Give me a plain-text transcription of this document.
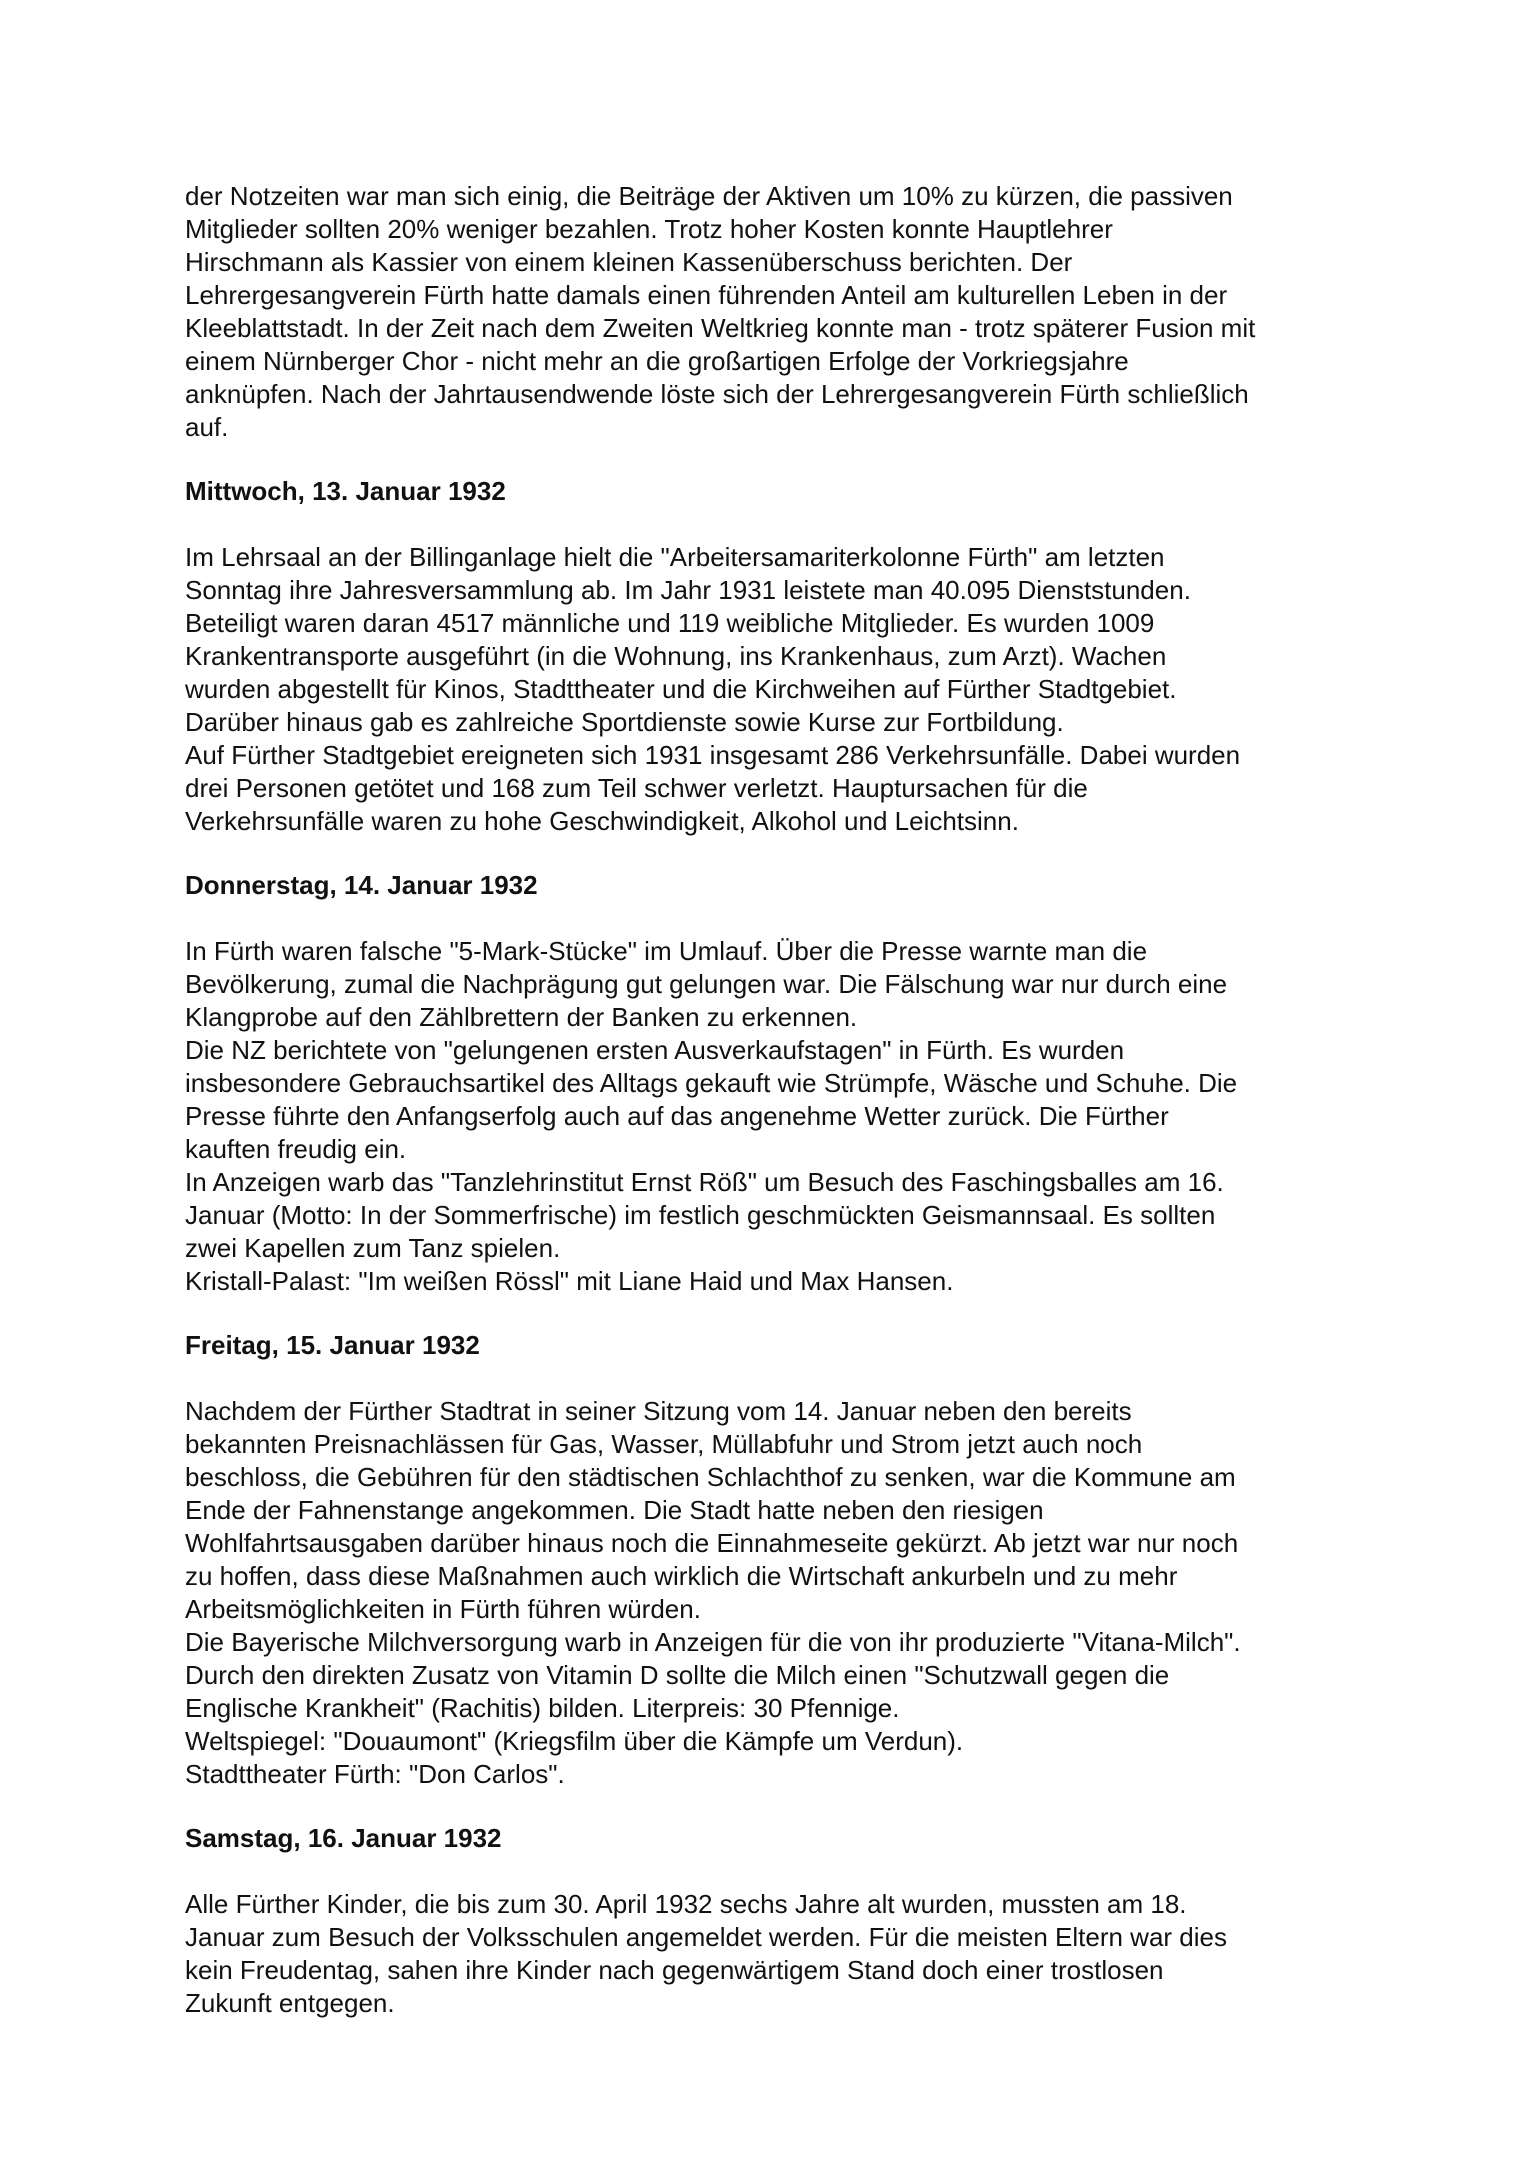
der Notzeiten war man sich einig, die Beiträge der Aktiven um 10% zu kürzen, die passiven
Mitglieder sollten 20% weniger bezahlen. Trotz hoher Kosten konnte Hauptlehrer
Hirschmann als Kassier von einem kleinen Kassenüberschuss berichten. Der
Lehrergesangverein Fürth hatte damals einen führenden Anteil am kulturellen Leben in der
Kleeblattstadt. In der Zeit nach dem Zweiten Weltkrieg konnte man - trotz späterer Fusion mit
einem Nürnberger Chor - nicht mehr an die großartigen Erfolge der Vorkriegsjahre
anknüpfen. Nach der Jahrtausendwende löste sich der Lehrergesangverein Fürth schließlich
auf.

Mittwoch, 13. Januar 1932

Im Lehrsaal an der Billinganlage hielt die "Arbeitersamariterkolonne Fürth" am letzten
Sonntag ihre Jahresversammlung ab. Im Jahr 1931 leistete man 40.095 Dienststunden.
Beteiligt waren daran 4517 männliche und 119 weibliche Mitglieder. Es wurden 1009
Krankentransporte ausgeführt (in die Wohnung, ins Krankenhaus, zum Arzt). Wachen
wurden abgestellt für Kinos, Stadttheater und die Kirchweihen auf Fürther Stadtgebiet.
Darüber hinaus gab es zahlreiche Sportdienste sowie Kurse zur Fortbildung.
Auf Fürther Stadtgebiet ereigneten sich 1931 insgesamt 286 Verkehrsunfälle. Dabei wurden
drei Personen getötet und 168 zum Teil schwer verletzt. Hauptursachen für die
Verkehrsunfälle waren zu hohe Geschwindigkeit, Alkohol und Leichtsinn.

Donnerstag, 14. Januar 1932

In Fürth waren falsche "5-Mark-Stücke" im Umlauf. Über die Presse warnte man die
Bevölkerung, zumal die Nachprägung gut gelungen war. Die Fälschung war nur durch eine
Klangprobe auf den Zählbrettern der Banken zu erkennen.
Die NZ berichtete von "gelungenen ersten Ausverkaufstagen" in Fürth. Es wurden
insbesondere Gebrauchsartikel des Alltags gekauft wie Strümpfe, Wäsche und Schuhe. Die
Presse führte den Anfangserfolg auch auf das angenehme Wetter zurück. Die Fürther
kauften freudig ein.
In Anzeigen warb das "Tanzlehrinstitut Ernst Röß" um Besuch des Faschingsballes am 16.
Januar (Motto: In der Sommerfrische) im festlich geschmückten Geismannsaal. Es sollten
zwei Kapellen zum Tanz spielen.
Kristall-Palast: "Im weißen Rössl" mit Liane Haid und Max Hansen.

Freitag, 15. Januar 1932

Nachdem der Fürther Stadtrat in seiner Sitzung vom 14. Januar neben den bereits
bekannten Preisnachlässen für Gas, Wasser, Müllabfuhr und Strom jetzt auch noch
beschloss, die Gebühren für den städtischen Schlachthof zu senken, war die Kommune am
Ende der Fahnenstange angekommen. Die Stadt hatte neben den riesigen
Wohlfahrtsausgaben darüber hinaus noch die Einnahmeseite gekürzt. Ab jetzt war nur noch
zu hoffen, dass diese Maßnahmen auch wirklich die Wirtschaft ankurbeln und zu mehr
Arbeitsmöglichkeiten in Fürth führen würden.
Die Bayerische Milchversorgung warb in Anzeigen für die von ihr produzierte "Vitana-Milch".
Durch den direkten Zusatz von Vitamin D sollte die Milch einen "Schutzwall gegen die
Englische Krankheit" (Rachitis) bilden. Literpreis: 30 Pfennige.
Weltspiegel: "Douaumont" (Kriegsfilm über die Kämpfe um Verdun).
Stadttheater Fürth: "Don Carlos".

Samstag, 16. Januar 1932

Alle Fürther Kinder, die bis zum 30. April 1932 sechs Jahre alt wurden, mussten am 18.
Januar zum Besuch der Volksschulen angemeldet werden. Für die meisten Eltern war dies
kein Freudentag, sahen ihre Kinder nach gegenwärtigem Stand doch einer trostlosen
Zukunft entgegen.
